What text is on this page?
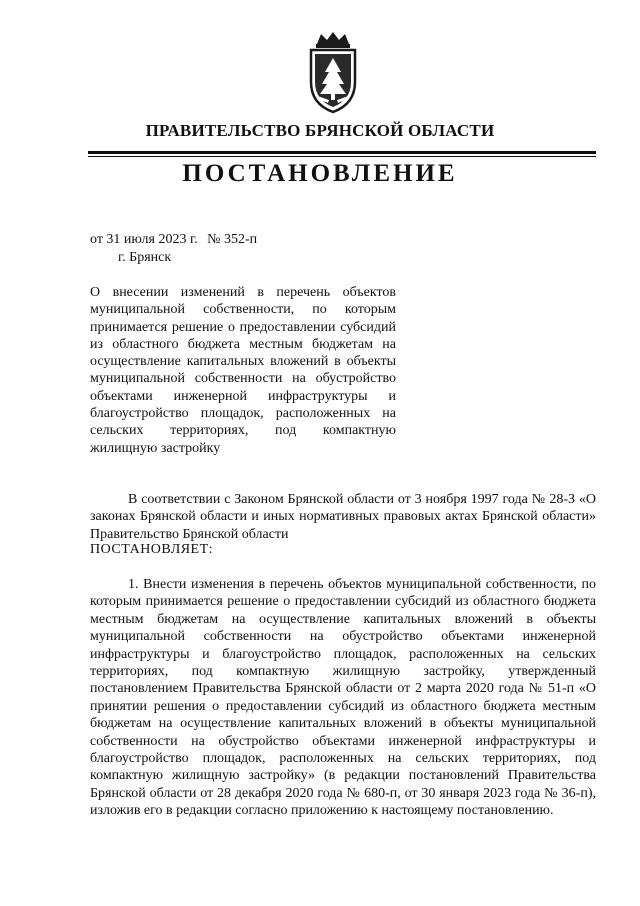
ПРАВИТЕЛЬСТВО БРЯНСКОЙ ОБЛАСТИ
ПОСТАНОВЛЕНИЕ
от 31 июля 2023 г. № 352-п
г. Брянск
О внесении изменений в перечень объектов муниципальной собственности, по которым принимается решение о предоставлении субсидий из областного бюджета местным бюджетам на осуществление капитальных вложений в объекты муниципальной собственности на обустройство объектами инженерной инфраструктуры и благоустройство площадок, расположенных на сельских территориях, под компактную жилищную застройку
В соответствии с Законом Брянской области от 3 ноября 1997 года № 28-З «О законах Брянской области и иных нормативных правовых актах Брянской области» Правительство Брянской области
ПОСТАНОВЛЯЕТ:
1. Внести изменения в перечень объектов муниципальной собственности, по которым принимается решение о предоставлении субсидий из областного бюджета местным бюджетам на осуществление капитальных вложений в объекты муниципальной собственности на обустройство объектами инженерной инфраструктуры и благоустройство площадок, расположенных на сельских территориях, под компактную жилищную застройку, утвержденный постановлением Правительства Брянской области от 2 марта 2020 года № 51-п «О принятии решения о предоставлении субсидий из областного бюджета местным бюджетам на осуществление капитальных вложений в объекты муниципальной собственности на обустройство объектами инженерной инфраструктуры и благоустройство площадок, расположенных на сельских территориях, под компактную жилищную застройку» (в редакции постановлений Правительства Брянской области от 28 декабря 2020 года № 680-п, от 30 января 2023 года № 36-п), изложив его в редакции согласно приложению к настоящему постановлению.
